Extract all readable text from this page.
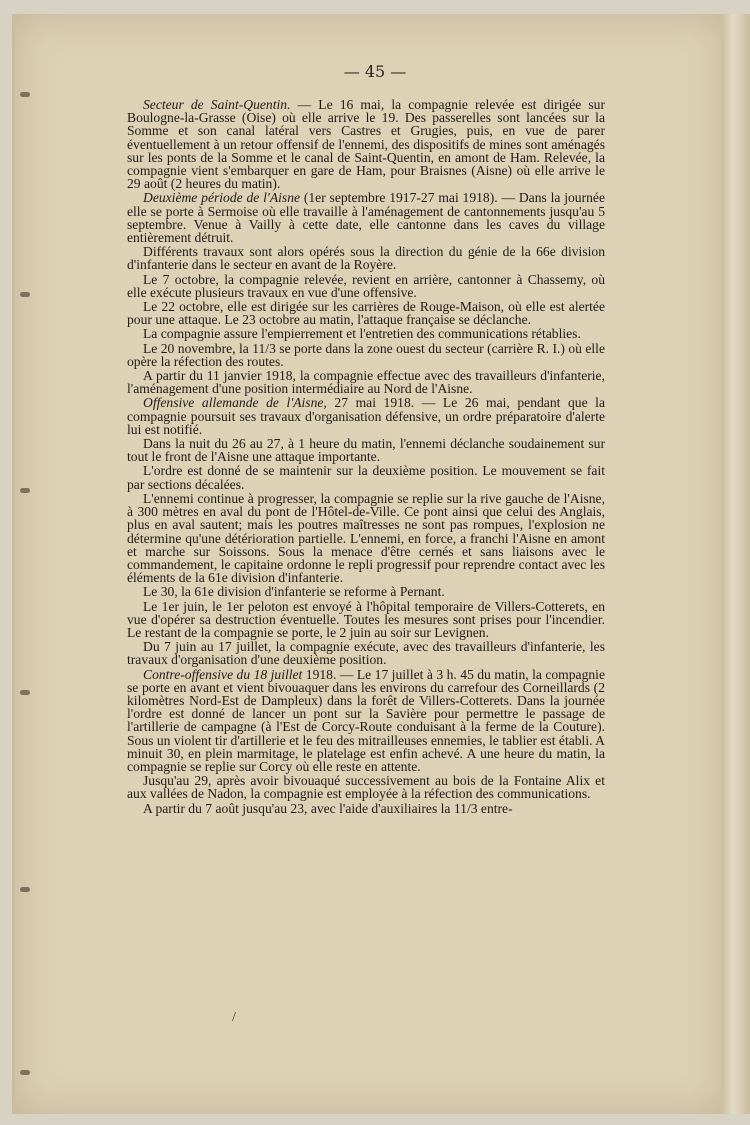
— 45 —

Secteur de Saint-Quentin. — Le 16 mai, la compagnie relevée est dirigée sur Boulogne-la-Grasse (Oise) où elle arrive le 19. Des passerelles sont lancées sur la Somme et son canal latéral vers Castres et Grugies, puis, en vue de parer éventuellement à un retour offensif de l'ennemi, des dispositifs de mines sont aménagés sur les ponts de la Somme et le canal de Saint-Quentin, en amont de Ham. Relevée, la compagnie vient s'embarquer en gare de Ham, pour Braisnes (Aisne) où elle arrive le 29 août (2 heures du matin).

Deuxième période de l'Aisne (1er septembre 1917-27 mai 1918). — Dans la journée elle se porte à Sermoise où elle travaille à l'aménagement de cantonnements jusqu'au 5 septembre. Venue à Vailly à cette date, elle cantonne dans les caves du village entièrement détruit.

Différents travaux sont alors opérés sous la direction du génie de la 66e division d'infanterie dans le secteur en avant de la Royère.

Le 7 octobre, la compagnie relevée, revient en arrière, cantonner à Chassemy, où elle exécute plusieurs travaux en vue d'une offensive.

Le 22 octobre, elle est dirigée sur les carrières de Rouge-Maison, où elle est alertée pour une attaque. Le 23 octobre au matin, l'attaque française se déclanche.

La compagnie assure l'empierrement et l'entretien des communications rétablies.

Le 20 novembre, la 11/3 se porte dans la zone ouest du secteur (carrière R. I.) où elle opère la réfection des routes.

A partir du 11 janvier 1918, la compagnie effectue avec des travailleurs d'infanterie, l'aménagement d'une position intermédiaire au Nord de l'Aisne.

Offensive allemande de l'Aisne, 27 mai 1918. — Le 26 mai, pendant que la compagnie poursuit ses travaux d'organisation défensive, un ordre préparatoire d'alerte lui est notifié.

Dans la nuit du 26 au 27, à 1 heure du matin, l'ennemi déclanche soudainement sur tout le front de l'Aisne une attaque importante.

L'ordre est donné de se maintenir sur la deuxième position. Le mouvement se fait par sections décalées.

L'ennemi continue à progresser, la compagnie se replie sur la rive gauche de l'Aisne, à 300 mètres en aval du pont de l'Hôtel-de-Ville. Ce pont ainsi que celui des Anglais, plus en aval sautent; mais les poutres maîtresses ne sont pas rompues, l'explosion ne détermine qu'une détérioration partielle. L'ennemi, en force, a franchi l'Aisne en amont et marche sur Soissons. Sous la menace d'être cernés et sans liaisons avec le commandement, le capitaine ordonne le repli progressif pour reprendre contact avec les éléments de la 61e division d'infanterie.

Le 30, la 61e division d'infanterie se reforme à Pernant.

Le 1er juin, le 1er peloton est envoyé à l'hôpital temporaire de Villers-Cotterets, en vue d'opérer sa destruction éventuelle. Toutes les mesures sont prises pour l'incendier. Le restant de la compagnie se porte, le 2 juin au soir sur Levignen.

Du 7 juin au 17 juillet, la compagnie exécute, avec des travailleurs d'infanterie, les travaux d'organisation d'une deuxième position.

Contre-offensive du 18 juillet 1918. — Le 17 juillet à 3 h. 45 du matin, la compagnie se porte en avant et vient bivouaquer dans les environs du carrefour des Corneillards (2 kilomètres Nord-Est de Dampleux) dans la forêt de Villers-Cotterets. Dans la journée l'ordre est donné de lancer un pont sur la Savière pour permettre le passage de l'artillerie de campagne (à l'Est de Corcy-Route conduisant à la ferme de la Couture). Sous un violent tir d'artillerie et le feu des mitrailleuses ennemies, le tablier est établi. A minuit 30, en plein marmitage, le platelage est enfin achevé. A une heure du matin, la compagnie se replie sur Corcy où elle reste en attente.

Jusqu'au 29, après avoir bivouaqué successivement au bois de la Fontaine Alix et aux vallées de Nadon, la compagnie est employée à la réfection des communications.

A partir du 7 août jusqu'au 23, avec l'aide d'auxiliaires la 11/3 entre-

/
